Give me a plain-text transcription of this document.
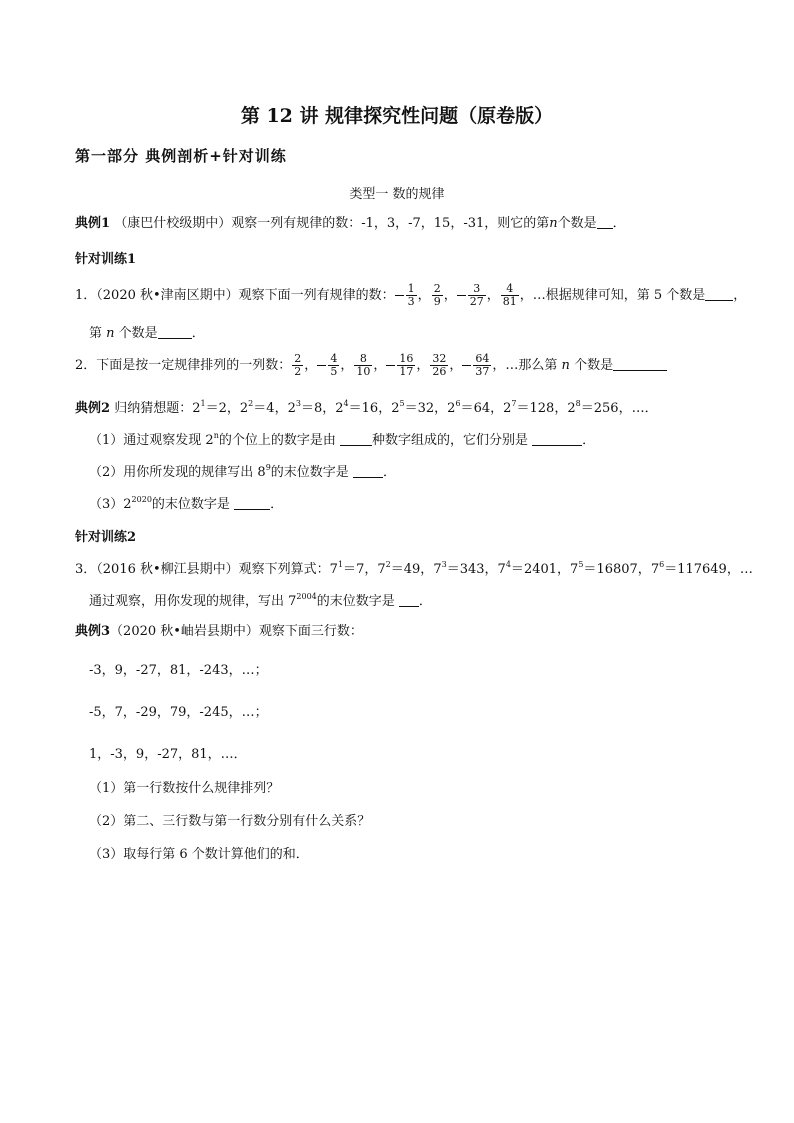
第 12 讲 规律探究性问题（原卷版）
第一部分 典例剖析+针对训练
类型一 数的规律
典例1 （康巴什校级期中）观察一列有规律的数：-1，3，-7，15，-31，则它的第n个数是 ．
针对训练1
1．（2020 秋•津南区期中）观察下面一列有规律的数： $\frac{1}{3}$ ， $\frac{2}{9}$ ， $\frac{3}{27}$ ， $\frac{4}{81}$ ，…根据规律可知，第 5 个数是 ，
第 n 个数是	．
2．下面是按一定规律排列的一列数： $\frac{2}{2}$ ， $\frac{4}{5}$ ， $\frac{8}{10}$ ， $\frac{16}{17}$ ， $\frac{32}{26}$ ， $\frac{64}{37}$ ，…那么第 n 个数是
典例2 归纳猜想题：$2^1=2$，$2^2=4$，$2^3=8$，$2^4=16$，$2^5=32$，$2^6=64$，$2^7=128$，$2^8=256$，…．
（1）通过观察发现 2$^n$的个位上的数字是由	种数字组成的，它们分别是	．
（2）用你所发现的规律写出 $8^9$的末位数字是	．
$(3)2^{2020}$的末位数字是	．
针对训练2
3．（2016 秋•柳江县期中）观察下列算式：$7^1=7$，$7^2=49$，$7^3=343$，$7^4=2401$，$7^5=16807$，$7^6=117649$，…
通过观察，用你发现的规律，写出 $7^{2004}$的末位数字是 ．
典例3（2020 秋•岫岩县期中）观察下面三行数：
-3，9，-27，81，-243，…；
-5，7，-29，79，-245，…；
1，-3，9，-27，81，…．
（1）第一行数按什么规律排列？
（2）第二、三行数与第一行数分别有什么关系？
（3）取每行第 6 个数计算他们的和．
